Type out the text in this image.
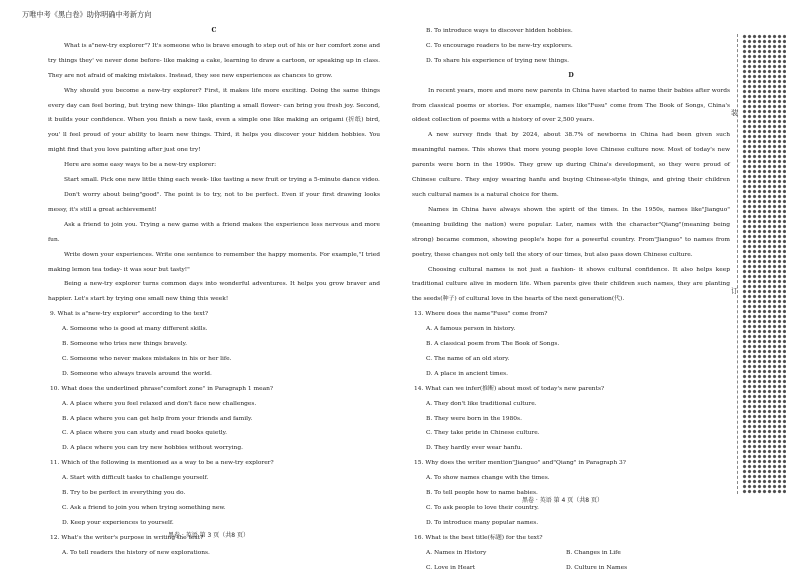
万唯中考《黑白卷》助你明确中考新方向
C

What is a"new-try explorer"? It's someone who is brave enough to step out of his or her comfort zone and try things they' ve never done before- like making a cake, learning to draw a cartoon, or speaking up in class. They are not afraid of making mistakes. Instead, they see new experiences as chances to grow.

Why should you become a new-try explorer? First, it makes life more exciting. Doing the same things every day can feel boring, but trying new things- like planting a small flower- can bring you fresh joy. Second, it builds your confidence. When you finish a new task, even a simple one like making an origami (折纸) bird, you' ll feel proud of your ability to learn new things. Third, it helps you discover your hidden hobbies. You might find that you love painting after just one try!

Here are some easy ways to be a new-try explorer:

Start small. Pick one new little thing each week- like tasting a new fruit or trying a 5-minute dance video.

Don't worry about being"good". The point is to try, not to be perfect. Even if your first drawing looks messy, it's still a great achievement!

Ask a friend to join you. Trying a new game with a friend makes the experience less nervous and more fun.

Write down your experiences. Write one sentence to remember the happy moments. For example,"I tried making lemon tea today- it was sour but tasty!"

Being a new-try explorer turns common days into wonderful adventures. It helps you grow braver and happier. Let's start by trying one small new thing this week!

9. What is a"new-try explorer" according to the text?

A. Someone who is good at many different skills.

B. Someone who tries new things bravely.

C. Someone who never makes mistakes in his or her life.

D. Someone who always travels around the world.

10. What does the underlined phrase"comfort zone" in Paragraph 1 mean?

A. A place where you feel relaxed and don't face new challenges.

B. A place where you can get help from your friends and family.

C. A place where you can study and read books quietly.

D. A place where you can try new hobbies without worrying.

11. Which of the following is mentioned as a way to be a new-try explorer?

A. Start with difficult tasks to challenge yourself.

B. Try to be perfect in everything you do.

C. Ask a friend to join you when trying something new.

D. Keep your experiences to yourself.

12. What's the writer's purpose in writing the text?

A. To tell readers the history of new explorations.

黑卷 · 英语 第 3 页（共8 页）

B. To introduce ways to discover hidden hobbies.

C. To encourage readers to be new-try explorers.

D. To share his experience of trying new things.

D

In recent years, more and more new parents in China have started to name their babies after words from classical poems or stories. For example, names like"Fusu" come from The Book of Songs, China's oldest collection of poems with a history of over 2,500 years.

A new survey finds that by 2024, about 38.7% of newborns in China had been given such meaningful names. This shows that more young people love Chinese culture now. Most of today's new parents were born in the 1990s. They grew up during China's development, so they were proud of Chinese culture. They enjoy wearing hanfu and buying Chinese-style things, and giving their children such cultural names is a natural choice for them.

Names in China have always shown the spirit of the times. In the 1950s, names like"Jianguo" (meaning building the nation) were popular. Later, names with the character"Qiang"(meaning being strong) became common, showing people's hope for a powerful country. From"Jianguo" to names from poetry, these changes not only tell the story of our times, but also pass down Chinese culture.

Choosing cultural names is not just a fashion- it shows cultural confidence. It also helps keep traditional culture alive in modern life. When parents give their children such names, they are planting the seeds(种子) of cultural love in the hearts of the next generation(代).

13. Where does the name"Fusu" come from?

A. A famous person in history.

B. A classical poem from The Book of Songs.

C. The name of an old story.

D. A place in ancient times.

14. What can we infer(推断) about most of today's new parents?

A. They don't like traditional culture.

B. They were born in the 1980s.

C. They take pride in Chinese culture.

D. They hardly ever wear hanfu.

15. Why does the writer mention"Jianguo" and"Qiang" in Paragraph 3?

A. To show names change with the times.

B. To tell people how to name babies.

C. To ask people to love their country.

D. To introduce many popular names.

16. What is the best title(标题) for the text?

A. Names in History	B. Changes in Life
C. Love in Heart	D. Culture in Names
黑卷 · 英语 第 4 页（共8 页）
装
订
